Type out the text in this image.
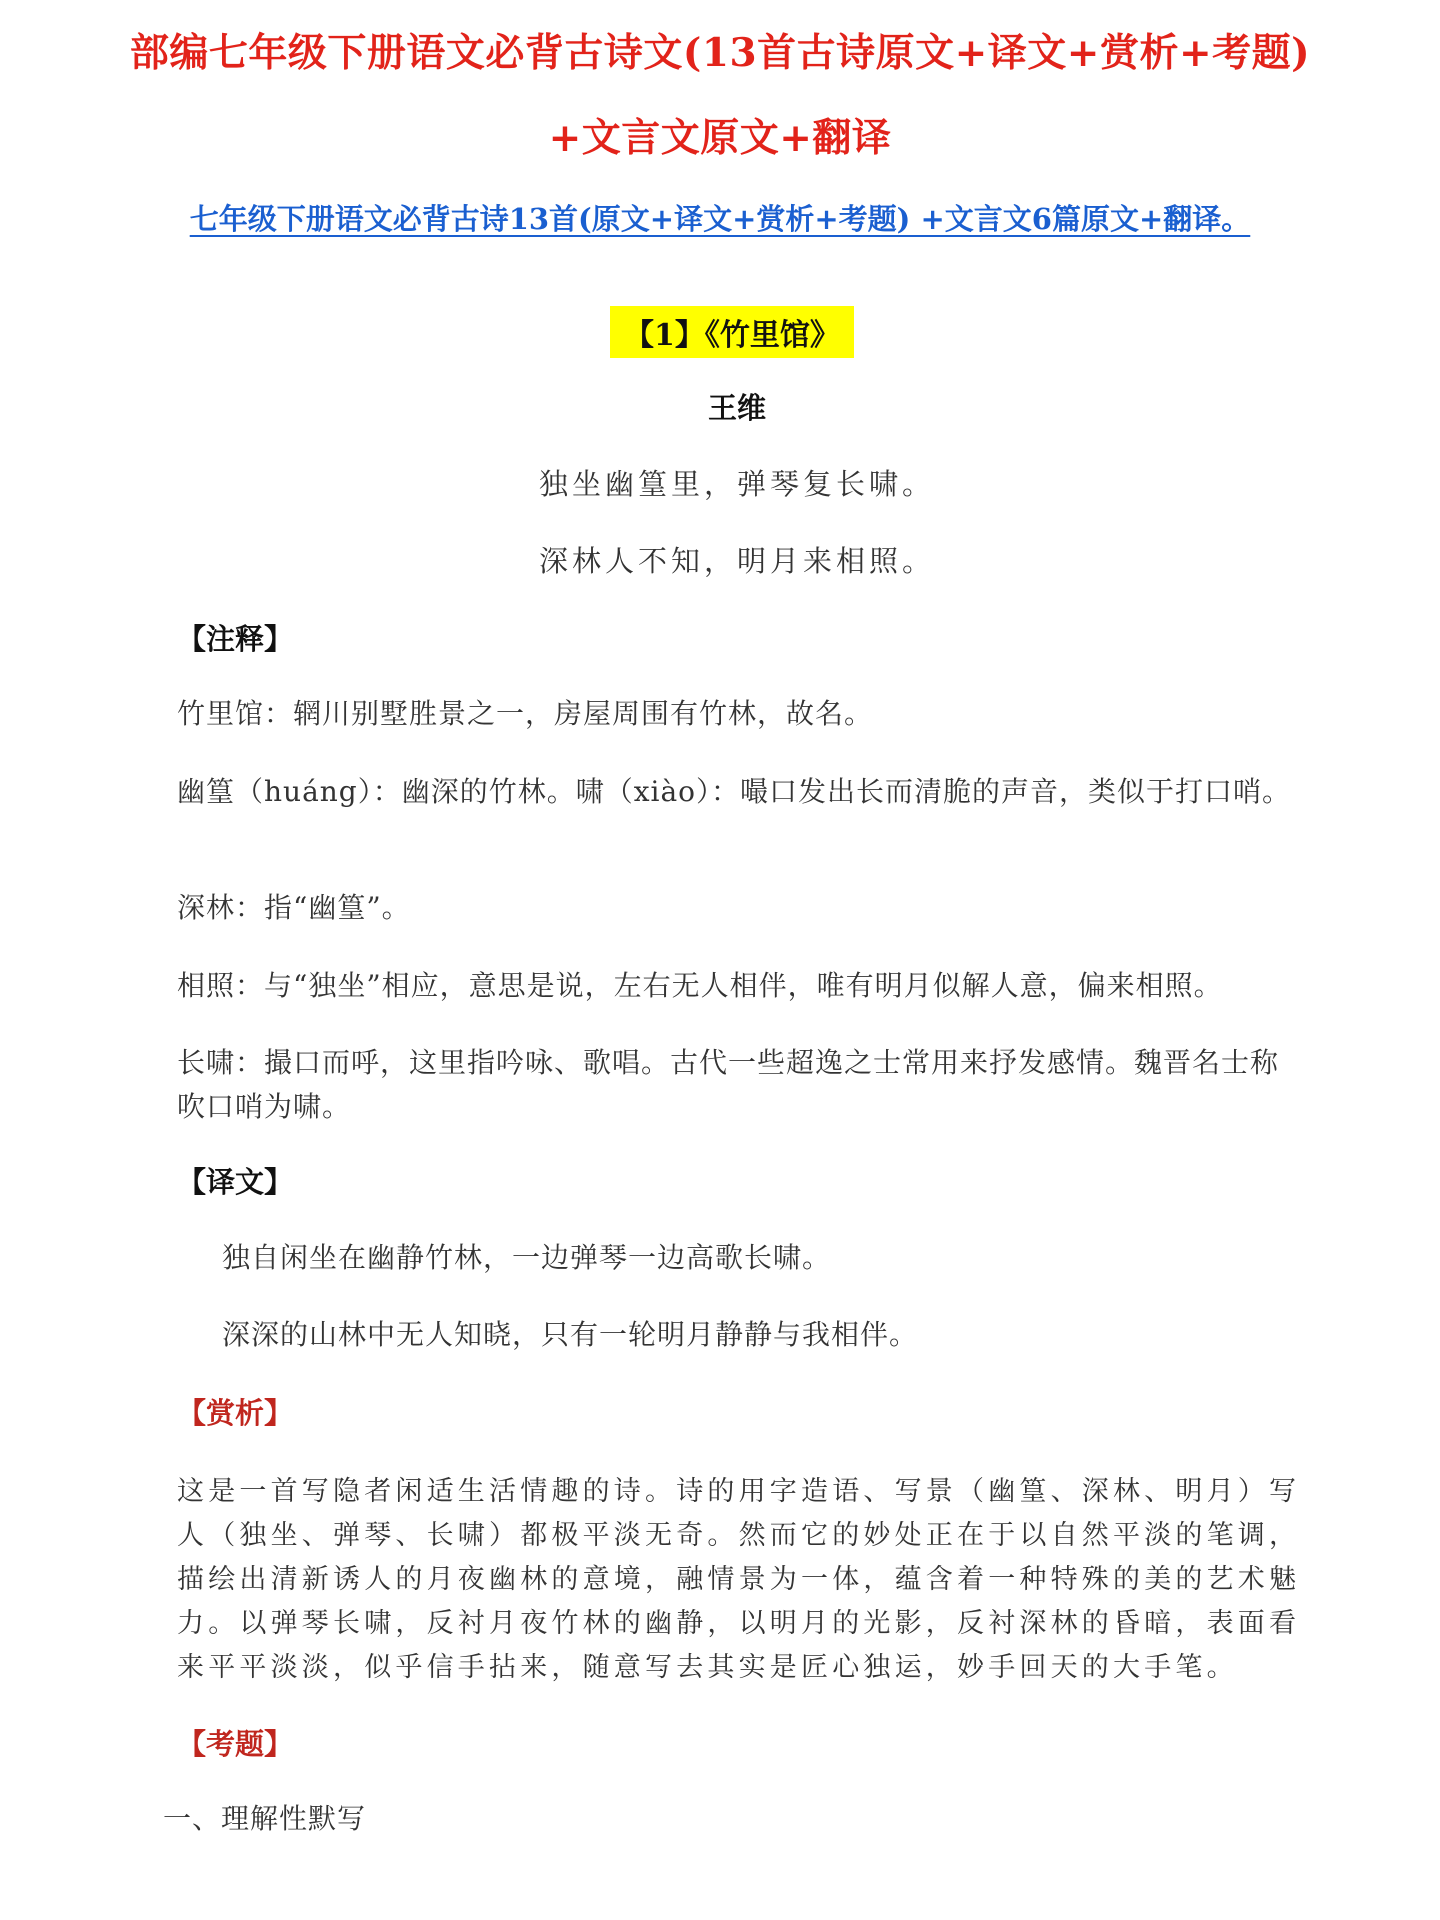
部编七年级下册语文必背古诗文(13首古诗原文+译文+赏析+考题)
+文言文原文+翻译
七年级下册语文必背古诗13首(原文+译文+赏析+考题) +文言文6篇原文+翻译。
【1】《竹里馆》
王维
独坐幽篁里，弹琴复长啸。
深林人不知，明月来相照。
【注释】
竹里馆：辋川别墅胜景之一，房屋周围有竹林，故名。
幽篁（huáng）：幽深的竹林。啸（xiào）：嘬口发出长而清脆的声音，类似于打口哨。
深林：指“幽篁”。
相照：与“独坐”相应，意思是说，左右无人相伴，唯有明月似解人意，偏来相照。
长啸：撮口而呼，这里指吟咏、歌唱。古代一些超逸之士常用来抒发感情。魏晋名士称吹口哨为啸。
【译文】
独自闲坐在幽静竹林，一边弹琴一边高歌长啸。
深深的山林中无人知晓，只有一轮明月静静与我相伴。
【赏析】
这是一首写隐者闲适生活情趣的诗。诗的用字造语、写景（幽篁、深林、明月）写人（独坐、弹琴、长啸）都极平淡无奇。然而它的妙处正在于以自然平淡的笔调，描绘出清新诱人的月夜幽林的意境，融情景为一体，蕴含着一种特殊的美的艺术魅力。以弹琴长啸，反衬月夜竹林的幽静，以明月的光影，反衬深林的昏暗，表面看来平平淡淡，似乎信手拈来，随意写去其实是匠心独运，妙手回天的大手笔。
【考题】
一、理解性默写
